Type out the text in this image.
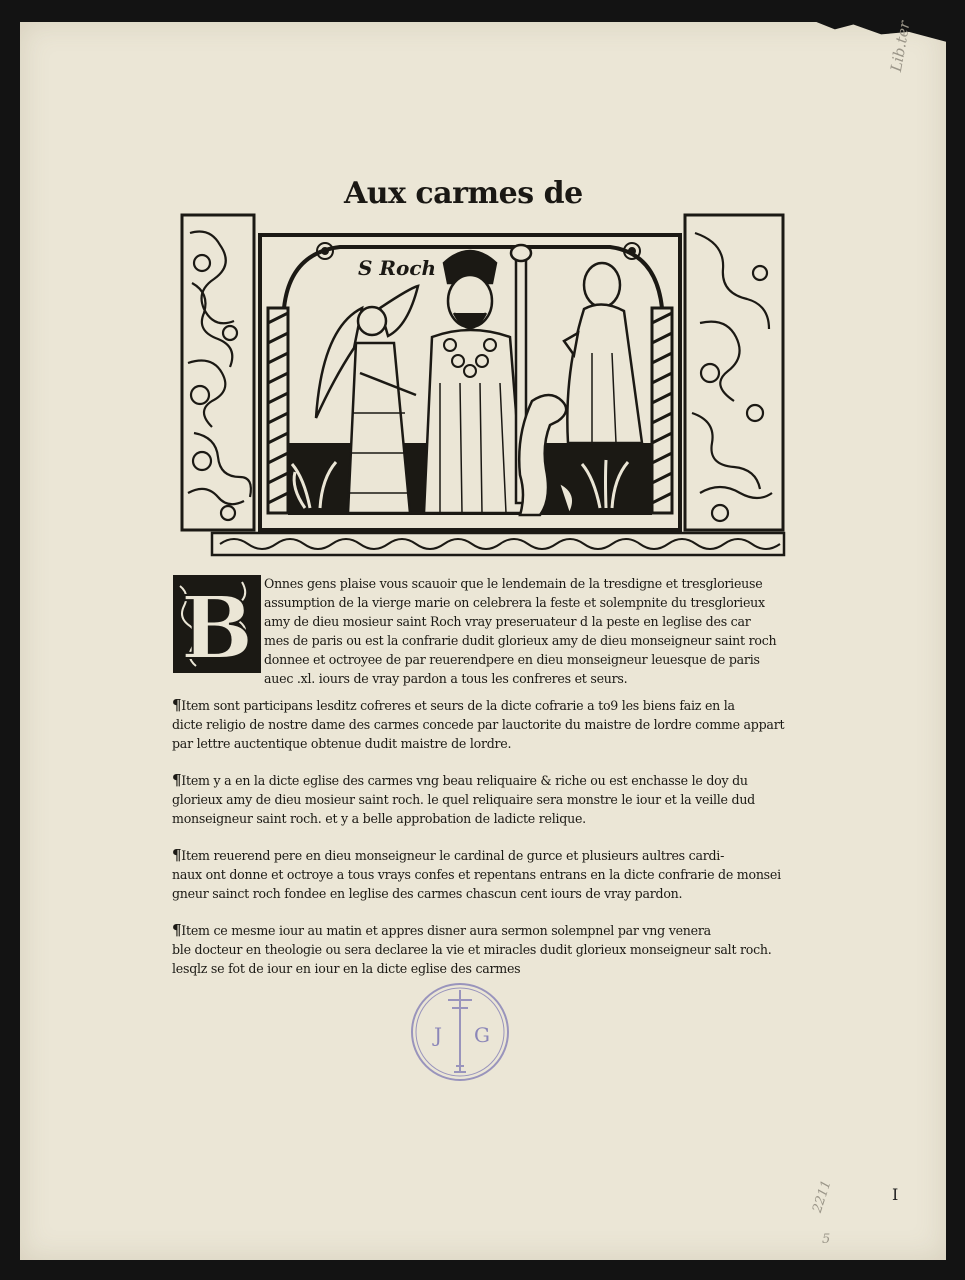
Lib.ter
2211
5
I
Aux carmes de
S Roch
B Onnes gens plaise vous scauoir que le lendemain de la tresdigne et tresglorieuse

assumption de la vierge marie on celebrera la feste et solempnite du tresglorieux

amy de dieu mosieur saint Roch vray preseruateur d la peste en leglise des car

mes de paris ou est la confrarie dudit glorieux amy de dieu monseigneur saint roch

donnee et octroyee de par reuerendpere en dieu monseigneur leuesque de paris

auec .xl. iours de vray pardon a tous les confreres et seurs.

¶Item sont participans lesditz cofreres et seurs de la dicte cofrarie a to9 les biens faiz en la

dicte religio de nostre dame des carmes concede par lauctorite du maistre de lordre comme appart

par lettre auctentique obtenue dudit maistre de lordre.

¶Item y a en la dicte eglise des carmes vng beau reliquaire & riche ou est enchasse le doy du

glorieux amy de dieu mosieur saint roch. le quel reliquaire sera monstre le iour et la veille dud

monseigneur saint roch. et y a belle approbation de ladicte relique.

¶Item reuerend pere en dieu monseigneur le cardinal de gurce et plusieurs aultres cardi-

naux ont donne et octroye a tous vrays confes et repentans entrans en la dicte confrarie de monsei

gneur sainct roch fondee en leglise des carmes chascun cent iours de vray pardon.

¶Item ce mesme iour au matin et appres disner aura sermon solempnel par vng venera

ble docteur en theologie ou sera declaree la vie et miracles dudit glorieux monseigneur salt roch.

lesqlz se fot de iour en iour en la dicte eglise des carmes

J G
